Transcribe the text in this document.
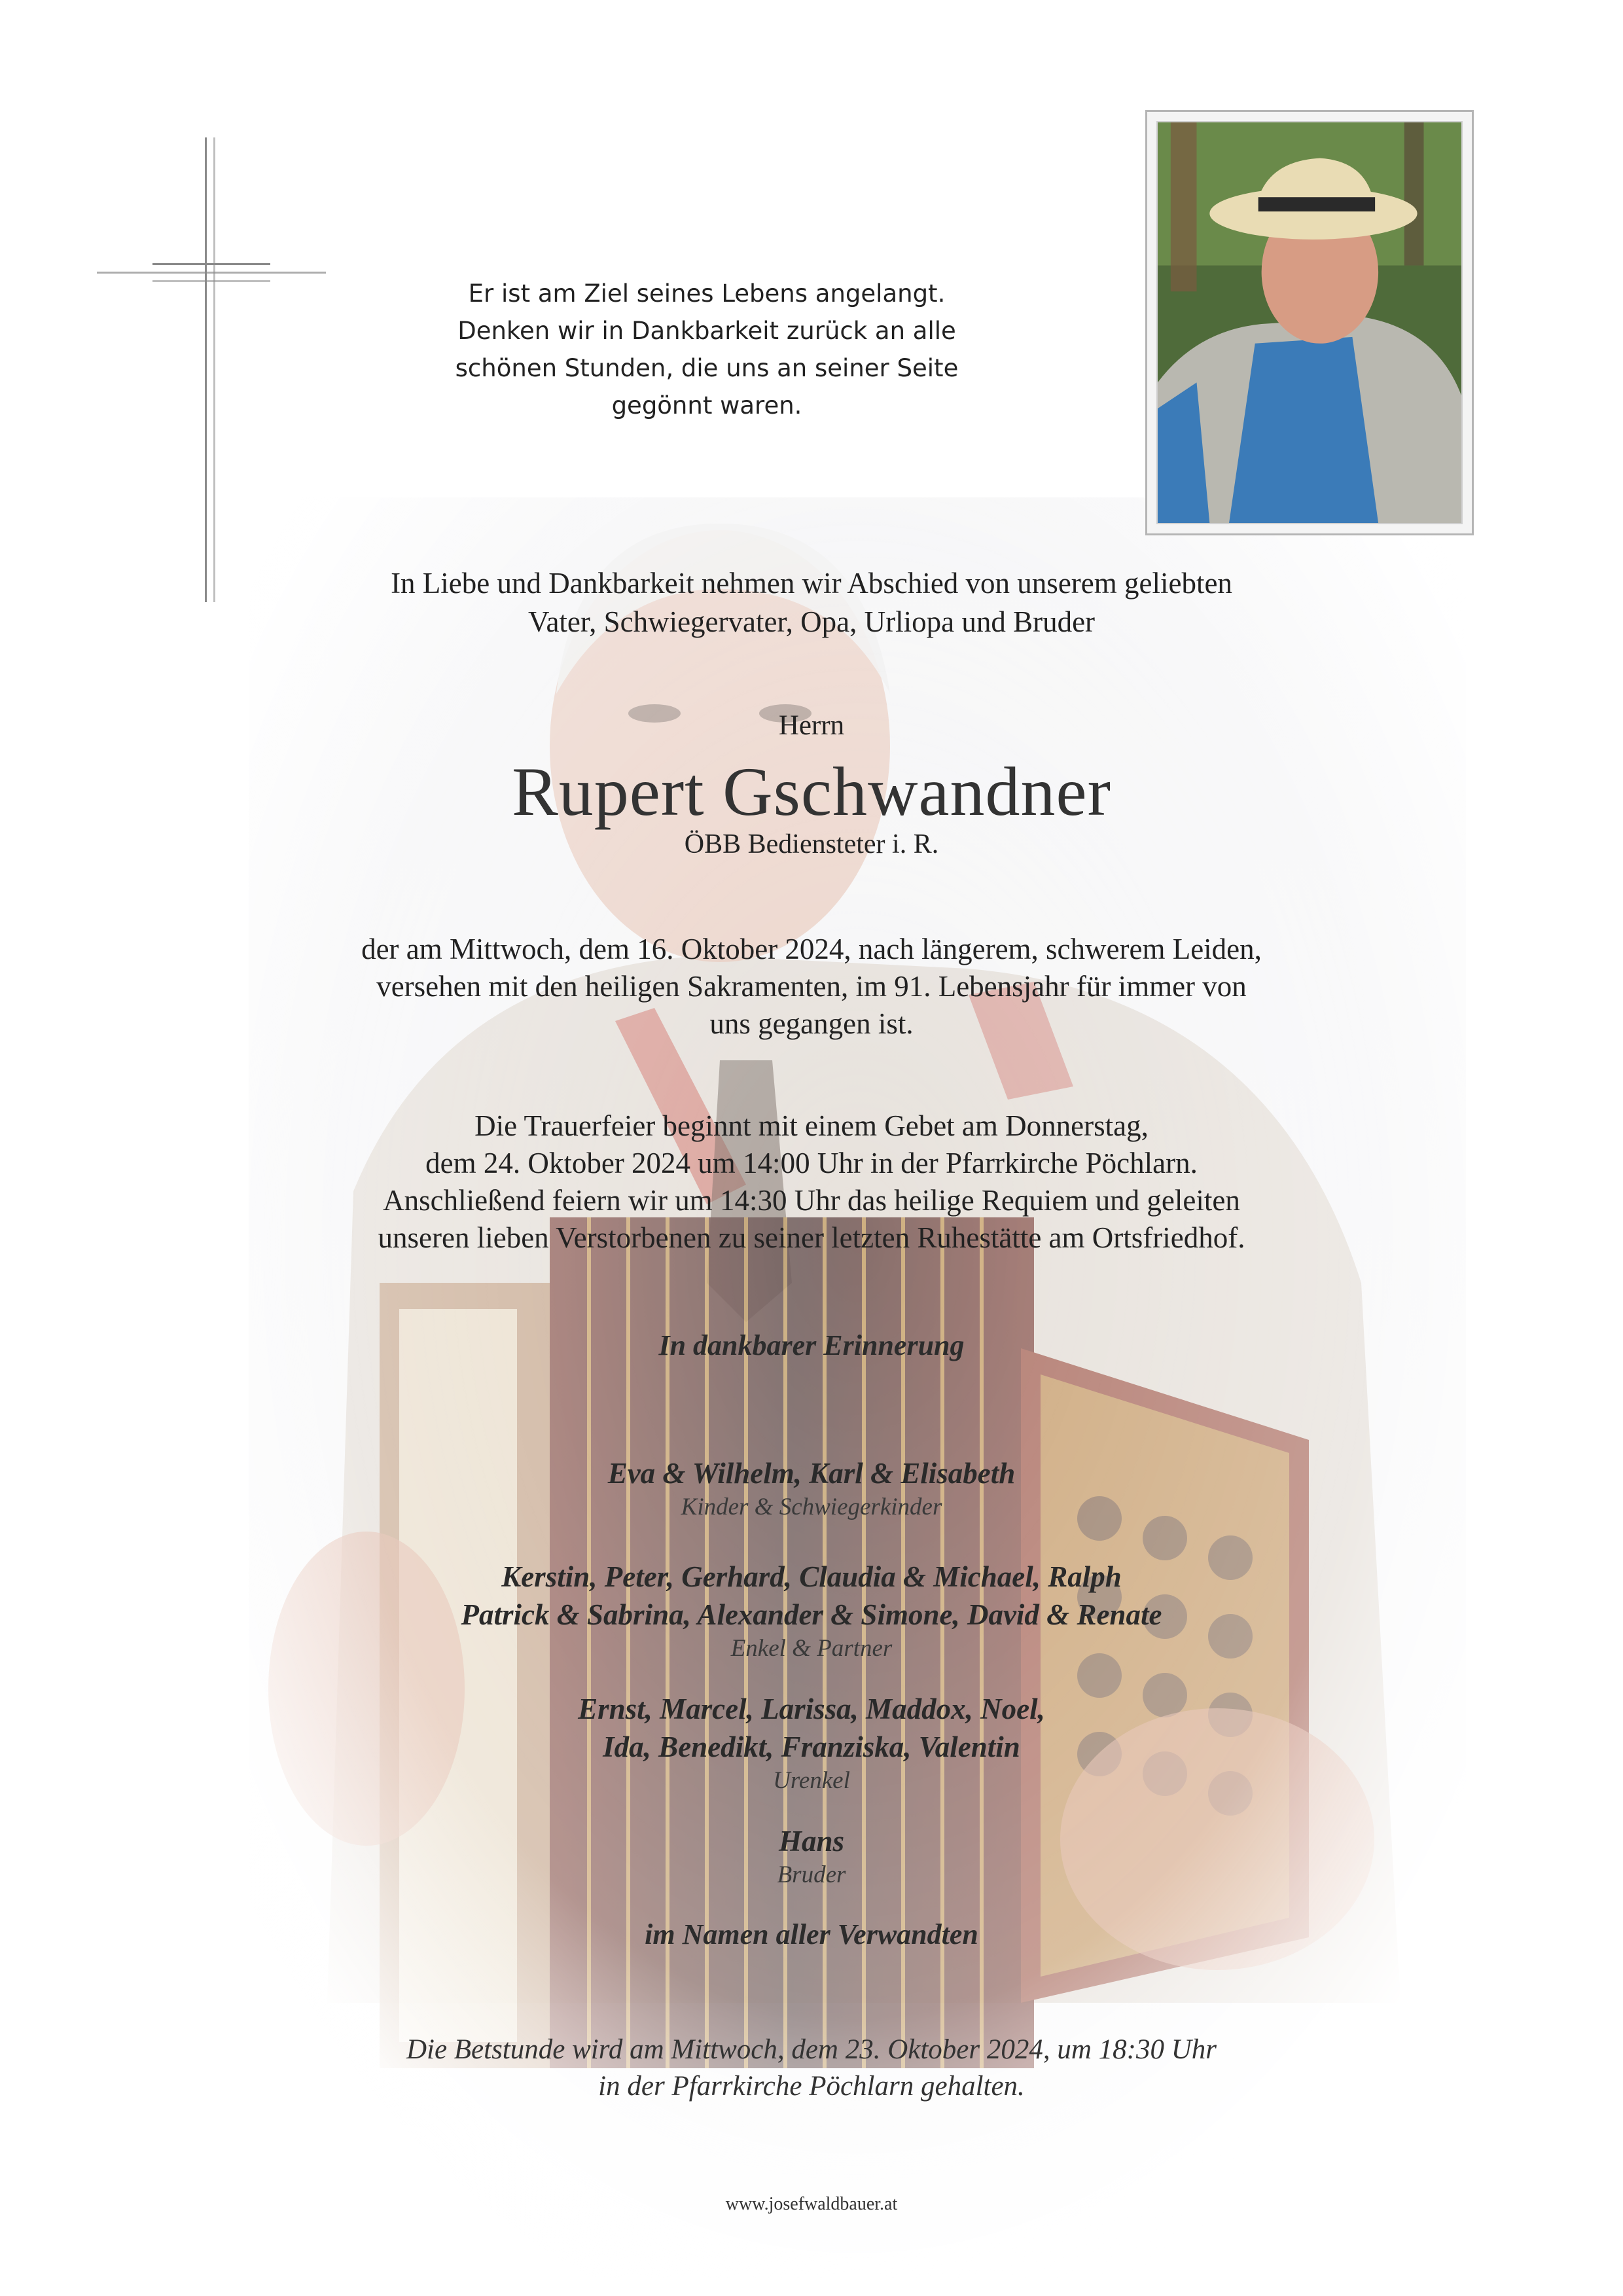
Er ist am Ziel seines Lebens angelangt.
Denken wir in Dankbarkeit zurück an alle
schönen Stunden, die uns an seiner Seite
gegönnt waren.
In Liebe und Dankbarkeit nehmen wir Abschied von unserem geliebten
Vater, Schwiegervater, Opa, Urliopa und Bruder
Herrn
Rupert Gschwandner
ÖBB Bediensteter i. R.
der am Mittwoch, dem 16. Oktober 2024, nach längerem, schwerem Leiden,
versehen mit den heiligen Sakramenten, im 91. Lebensjahr für immer von
uns gegangen ist.
Die Trauerfeier beginnt mit einem Gebet am Donnerstag,
dem 24. Oktober 2024 um 14:00 Uhr in der Pfarrkirche Pöchlarn.
Anschließend feiern wir um 14:30 Uhr das heilige Requiem und geleiten
unseren lieben Verstorbenen zu seiner letzten Ruhestätte am Ortsfriedhof.
In dankbarer Erinnerung
Eva & Wilhelm, Karl & Elisabeth
Kinder & Schwiegerkinder
Kerstin, Peter, Gerhard, Claudia & Michael, Ralph
Patrick & Sabrina, Alexander & Simone, David & Renate
Enkel & Partner
Ernst, Marcel, Larissa, Maddox, Noel,
Ida, Benedikt, Franziska, Valentin
Urenkel
Hans
Bruder
im Namen aller Verwandten
Die Betstunde wird am Mittwoch, dem 23. Oktober 2024, um 18:30 Uhr
in der Pfarrkirche Pöchlarn gehalten.
www.josefwaldbauer.at
